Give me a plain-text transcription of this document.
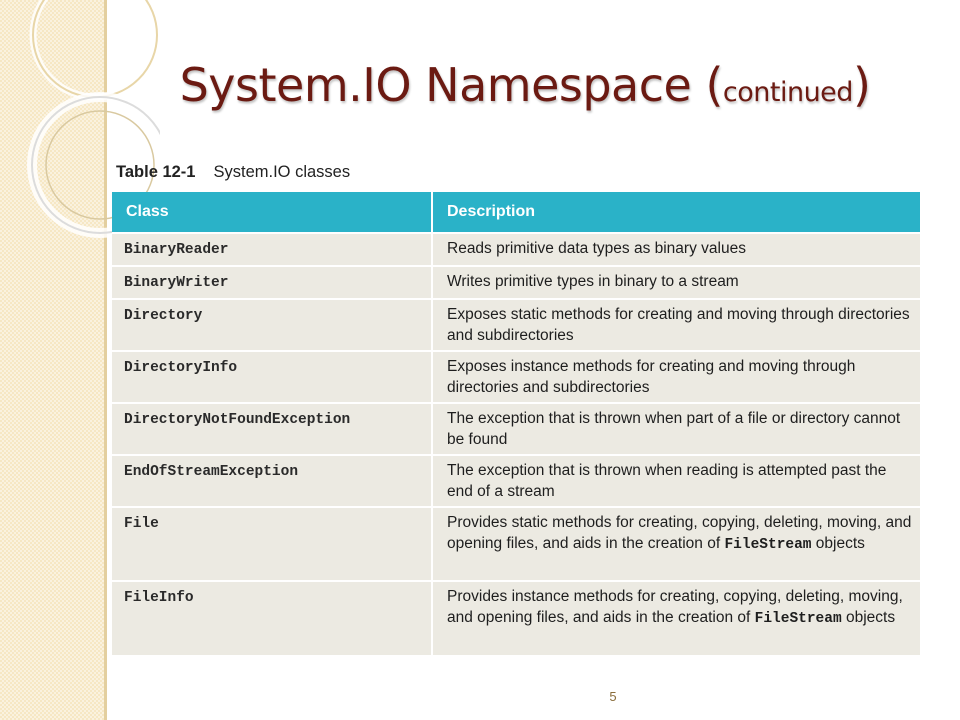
System.IO Namespace (continued)
Table 12-1 System.IO classes
Class	Description
BinaryReader	Reads primitive data types as binary values
BinaryWriter	Writes primitive types in binary to a stream
Directory	Exposes static methods for creating and moving through directories and subdirectories
DirectoryInfo	Exposes instance methods for creating and moving through directories and subdirectories
DirectoryNotFoundException	The exception that is thrown when part of a file or directory cannot be found
EndOfStreamException	The exception that is thrown when reading is attempted past the end of a stream
File	Provides static methods for creating, copying, deleting, moving, and opening files, and aids in the creation of FileStream objects
FileInfo	Provides instance methods for creating, copying, deleting, moving, and opening files, and aids in the creation of FileStream objects
5
